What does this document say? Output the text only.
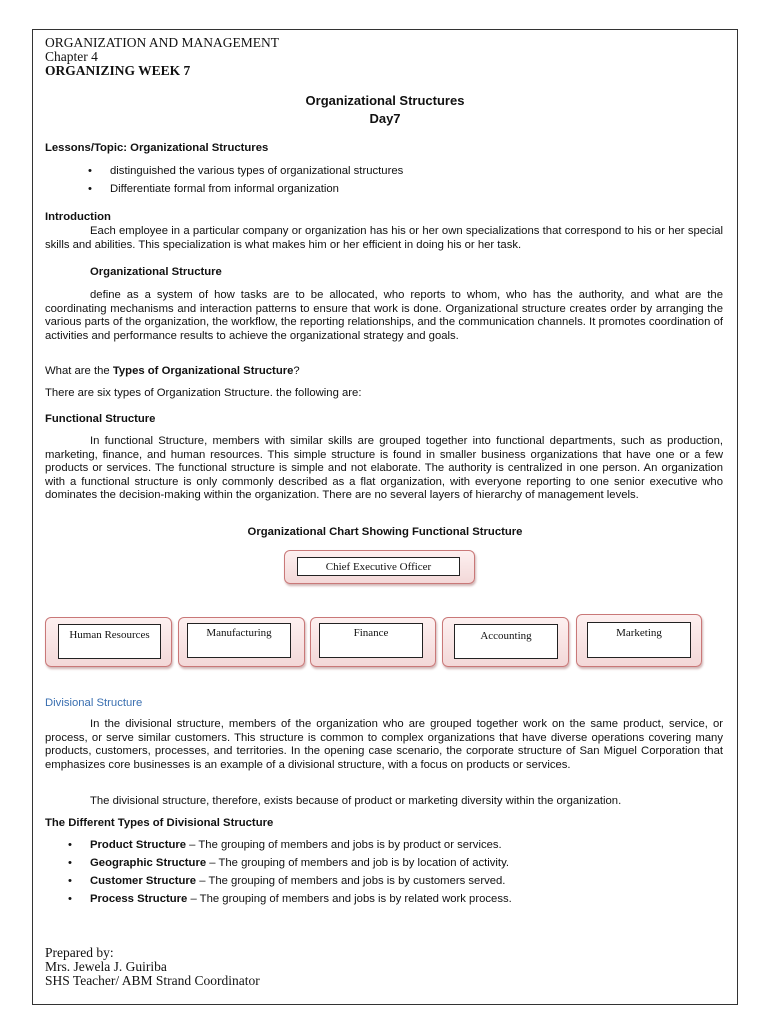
ORGANIZATION AND MANAGEMENT
Chapter 4
ORGANIZING WEEK 7
Organizational Structures
Day7
Lessons/Topic: Organizational Structures
• distinguished the various types of organizational structures
• Differentiate formal from informal organization
Introduction
Each employee in a particular company or organization has his or her own specializations that correspond to his or her special skills and abilities. This specialization is what makes him or her efficient in doing his or her task.
Organizational Structure
define as a system of how tasks are to be allocated, who reports to whom, who has the authority, and what are the coordinating mechanisms and interaction patterns to ensure that work is done. Organizational structure creates order by arranging the various parts of the organization, the workflow, the reporting relationships, and the communication channels. It promotes coordination of activities and performance results to achieve the organizational strategy and goals.
What are the Types of Organizational Structure?
There are six types of Organization Structure. the following are:
Functional Structure
In functional Structure, members with similar skills are grouped together into functional departments, such as production, marketing, finance, and human resources. This simple structure is found in smaller business organizations that have one or a few products or services. The functional structure is simple and not elaborate. The authority is centralized in one person. An organization with a functional structure is only commonly described as a flat organization, with everyone reporting to one senior executive who dominates the decision-making within the organization. There are no several layers of hierarchy of management levels.
Organizational Chart Showing Functional Structure
Chief Executive Officer
Human Resources	Manufacturing	Finance	Accounting	Marketing
Divisional Structure
In the divisional structure, members of the organization who are grouped together work on the same product, service, or process, or serve similar customers. This structure is common to complex organizations that have diverse operations covering many products, customers, processes, and territories. In the opening case scenario, the corporate structure of San Miguel Corporation that emphasizes core businesses is an example of a divisional structure, with a focus on products or services.
The divisional structure, therefore, exists because of product or marketing diversity within the organization.
The Different Types of Divisional Structure
• Product Structure – The grouping of members and jobs is by product or services.
• Geographic Structure – The grouping of members and job is by location of activity.
• Customer Structure – The grouping of members and jobs is by customers served.
• Process Structure – The grouping of members and jobs is by related work process.
Prepared by:
Mrs. Jewela J. Guiriba
SHS Teacher/ ABM Strand Coordinator
